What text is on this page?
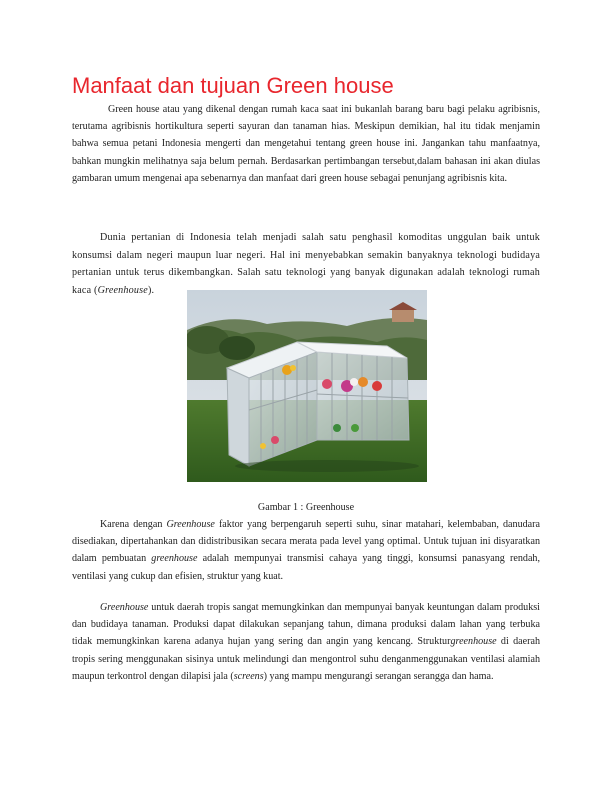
Manfaat dan tujuan Green house

Green house atau yang dikenal dengan rumah kaca saat ini bukanlah barang baru bagi pelaku agribisnis, terutama agribisnis hortikultura seperti sayuran dan tanaman hias. Meskipun demikian, hal itu tidak menjamin bahwa semua petani Indonesia mengerti dan mengetahui tentang green house ini. Jangankan tahu manfaatnya, bahkan mungkin melihatnya saja belum pernah. Berdasarkan pertimbangan tersebut,dalam bahasan ini akan diulas gambaran umum mengenai apa sebenarnya dan manfaat dari green house sebagai penunjang agribisnis kita.

Dunia pertanian di Indonesia telah menjadi salah satu penghasil komoditas unggulan baik untuk konsumsi dalam negeri maupun luar negeri. Hal ini menyebabkan semakin banyaknya teknologi budidaya pertanian untuk terus dikembangkan. Salah satu teknologi yang banyak digunakan adalah teknologi rumah kaca (Greenhouse).

Gambar 1 : Greenhouse

Karena dengan Greenhouse faktor yang berpengaruh seperti suhu, sinar matahari, kelembaban, danudara disediakan, dipertahankan dan didistribusikan secara merata pada level yang optimal. Untuk tujuan ini disyaratkan dalam pembuatan greenhouse adalah mempunyai transmisi cahaya yang tinggi, konsumsi panasyang rendah, ventilasi yang cukup dan efisien, struktur yang kuat.

Greenhouse untuk daerah tropis sangat memungkinkan dan mempunyai banyak keuntungan dalam produksi dan budidaya tanaman. Produksi dapat dilakukan sepanjang tahun, dimana produksi dalam lahan yang terbuka tidak memungkinkan karena adanya hujan yang sering dan angin yang kencang. Strukturgreenhouse di daerah tropis sering menggunakan sisinya untuk melindungi dan mengontrol suhu denganmenggunakan ventilasi alamiah maupun terkontrol dengan dilapisi jala (screens) yang mampu mengurangi serangan serangga dan hama.
